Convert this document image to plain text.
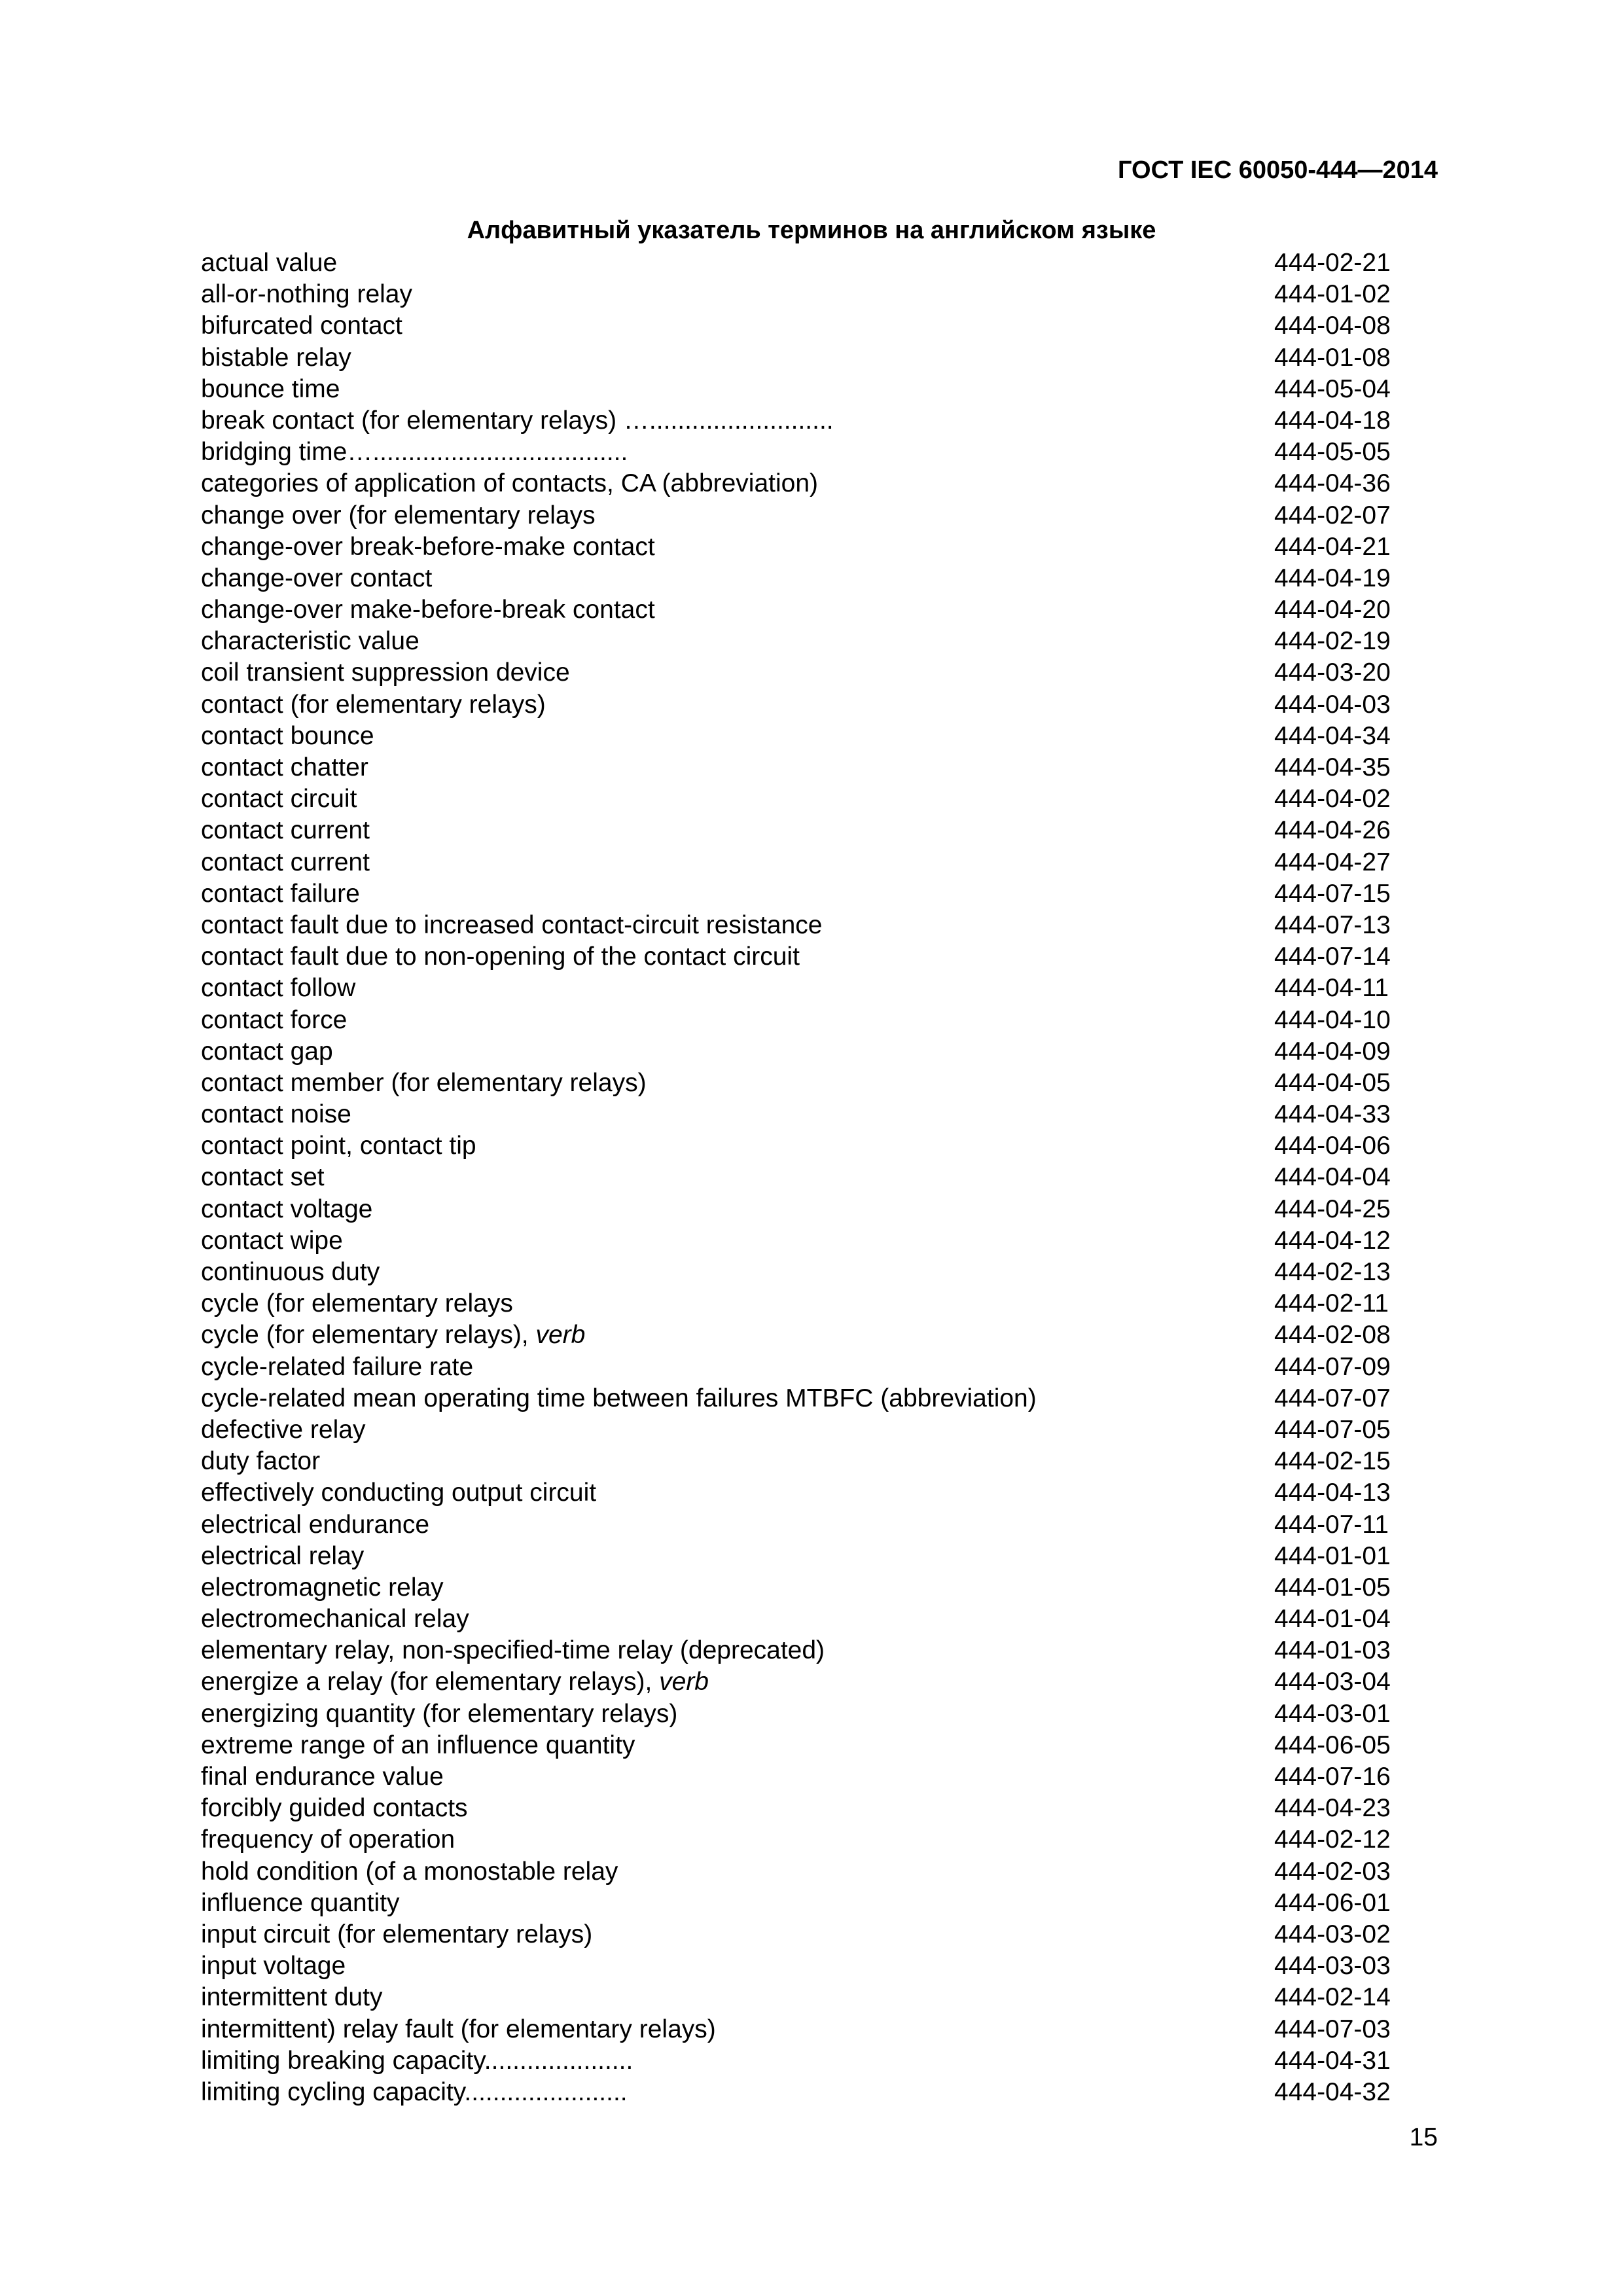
ГОСТ IEC 60050-444—2014
Алфавитный указатель терминов на английском языке
actual value	444-02-21
all-or-nothing relay	444-01-02
bifurcated contact	444-04-08
bistable relay	444-01-08
bounce time	444-05-04
break contact (for elementary relays) …..........................	444-04-18
bridging time…....................................	444-05-05
categories of application of contacts, CA (abbreviation)	444-04-36
change over (for elementary relays	444-02-07
change-over break-before-make contact	444-04-21
change-over contact	444-04-19
change-over make-before-break contact	444-04-20
characteristic value	444-02-19
coil transient suppression device	444-03-20
contact (for elementary relays)	444-04-03
contact bounce	444-04-34
contact chatter	444-04-35
contact circuit	444-04-02
contact current	444-04-26
contact current	444-04-27
contact failure	444-07-15
contact fault due to increased contact-circuit resistance	444-07-13
contact fault due to non-opening of the contact circuit	444-07-14
contact follow	444-04-11
contact force	444-04-10
contact gap	444-04-09
contact member (for elementary relays)	444-04-05
contact noise	444-04-33
contact point, contact tip	444-04-06
contact set	444-04-04
contact voltage	444-04-25
contact wipe	444-04-12
continuous duty	444-02-13
cycle (for elementary relays	444-02-11
cycle (for elementary relays), verb	444-02-08
cycle-related failure rate	444-07-09
cycle-related mean operating time between failures MTBFC (abbreviation)	444-07-07
defective relay	444-07-05
duty factor	444-02-15
effectively conducting output circuit	444-04-13
electrical endurance	444-07-11
electrical relay	444-01-01
electromagnetic relay	444-01-05
electromechanical relay	444-01-04
elementary relay, non-specified-time relay (deprecated)	444-01-03
energize a relay (for elementary relays), verb	444-03-04
energizing quantity (for elementary relays)	444-03-01
extreme range of an influence quantity	444-06-05
final endurance value	444-07-16
forcibly guided contacts	444-04-23
frequency of operation	444-02-12
hold condition (of a monostable relay	444-02-03
influence quantity	444-06-01
input circuit (for elementary relays)	444-03-02
input voltage	444-03-03
intermittent duty	444-02-14
intermittent) relay fault (for elementary relays)	444-07-03
limiting breaking capacity.....................	444-04-31
limiting cycling capacity.......................	444-04-32
15
